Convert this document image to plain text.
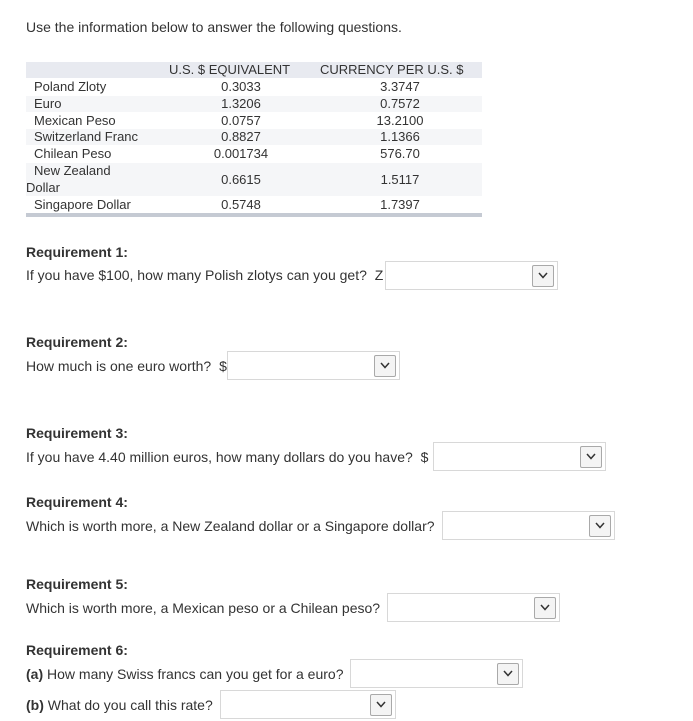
Use the information below to answer the following questions.
U.S. $ EQUIVALENT CURRENCY PER U.S. $
Poland Zloty	0.3033	3.3747
Euro	1.3206	0.7572
Mexican Peso	0.0757	13.2100
Switzerland Franc	0.8827	1.1366
Chilean Peso	0.001734	576.70
New Zealand
Dollar
0.6615	1.5117
Singapore Dollar	0.5748	1.7397
Requirement 1:
If you have $100, how many Polish zlotys can you get? Z
Requirement 2:
How much is one euro worth? $
Requirement 3:
If you have 4.40 million euros, how many dollars do you have? $
Requirement 4:
Which is worth more, a New Zealand dollar or a Singapore dollar?
Requirement 5:
Which is worth more, a Mexican peso or a Chilean peso?
Requirement 6:
(a) How many Swiss francs can you get for a euro?
(b) What do you call this rate?
